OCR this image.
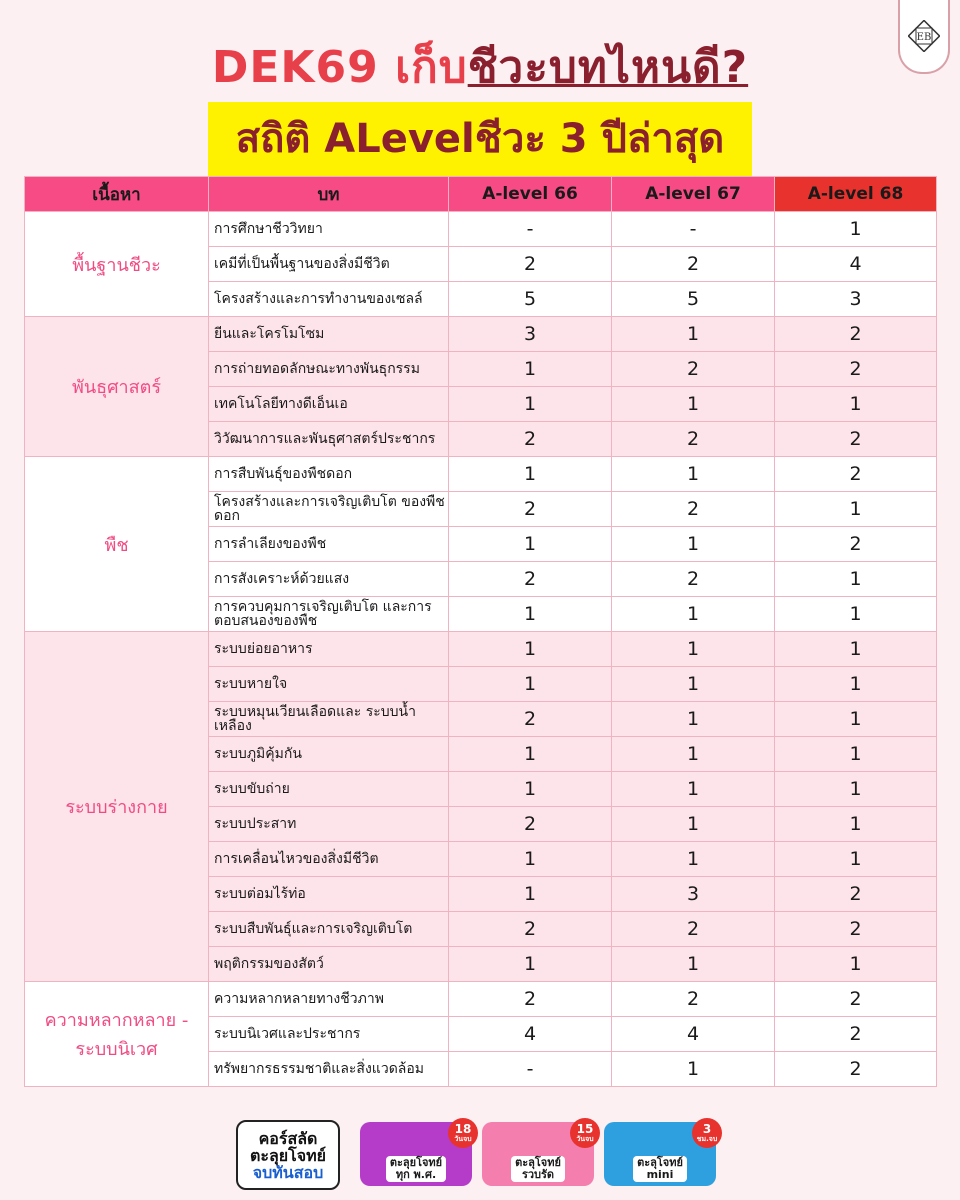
EB
DEK69 เก็บชีวะบทไหนดี?
สถิติ ALevelชีวะ 3 ปีล่าสุด
เนื้อหา	บท	A-level 66	A-level 67	A-level 68
พื้นฐานชีวะ	การศึกษาชีววิทยา	-	-	1
	เคมีที่เป็นพื้นฐานของสิ่งมีชีวิต	2	2	4
	โครงสร้างและการทำงานของเซลล์	5	5	3
พันธุศาสตร์	ยีนและโครโมโซม	3	1	2
	การถ่ายทอดลักษณะทางพันธุกรรม	1	2	2
	เทคโนโลยีทางดีเอ็นเอ	1	1	1
	วิวัฒนาการและพันธุศาสตร์ประชากร	2	2	2
พืช	การสืบพันธุ์ของพืชดอก	1	1	2
	โครงสร้างและการเจริญเติบโต ของพืชดอก	2	2	1
	การลำเลียงของพืช	1	1	2
	การสังเคราะห์ด้วยแสง	2	2	1
	การควบคุมการเจริญเติบโต และการตอบสนองของพืช	1	1	1
ระบบร่างกาย	ระบบย่อยอาหาร	1	1	1
	ระบบหายใจ	1	1	1
	ระบบหมุนเวียนเลือดและ ระบบน้ำเหลือง	2	1	1
	ระบบภูมิคุ้มกัน	1	1	1
	ระบบขับถ่าย	1	1	1
	ระบบประสาท	2	1	1
	การเคลื่อนไหวของสิ่งมีชีวิต	1	1	1
	ระบบต่อมไร้ท่อ	1	3	2
	ระบบสืบพันธุ์และการเจริญเติบโต	2	2	2
	พฤติกรรมของสัตว์	1	1	1
ความหลากหลาย - ระบบนิเวศ	ความหลากหลายทางชีวภาพ	2	2	2
	ระบบนิเวศและประชากร	4	4	2
	ทรัพยากรธรรมชาติและสิ่งแวดล้อม	-	1	2
คอร์สลัด
ตะลุยโจทย์
จบทันสอบ
18
วันจบ
ตะลุยโจทย์
ทุก พ.ศ.
15
วันจบ
ตะลุโจทย์
รวบรัด
3
ชม.จบ
ตะลุโจทย์
mini
